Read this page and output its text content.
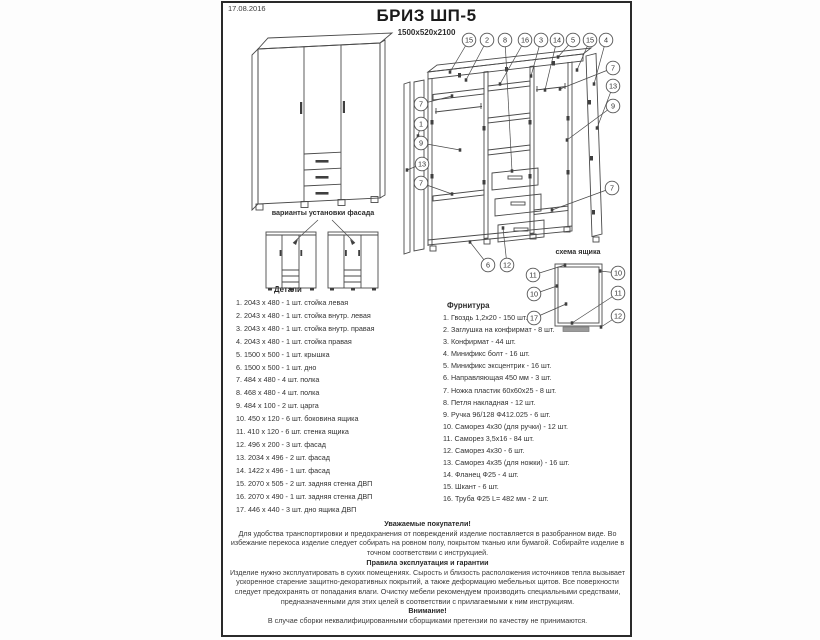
17.08.2016	БРИЗ ШП-5
1500x520x2100
варианты установки фасада
15 2 8 16 3 14 5 15 4
7
1
9
13
7
7
13
9
7
6 12
Детали
1. 2043 x 480 - 1 шт. стойка левая
2. 2043 x 480 - 1 шт. стойка внутр. левая
3. 2043 x 480 - 1 шт. стойка внутр. правая
4. 2043 x 480 - 1 шт. стойка правая
5. 1500 x 500 - 1 шт. крышка
6. 1500 x 500 - 1 шт. дно
7. 484 x 480 - 4 шт. полка
8. 468 x 480 - 4 шт. полка
9. 484 x 100 - 2 шт. царга
10. 450 x 120 - 6 шт. боковина ящика
11. 410 x 120 - 6 шт. стенка ящика
12. 496 x 200 - 3 шт. фасад
13. 2034 x 496 - 2 шт. фасад
14. 1422 x 496 - 1 шт. фасад
15. 2070 x 505 - 2 шт. задняя стенка ДВП
16. 2070 x 490 - 1 шт. задняя стенка ДВП
17. 446 x 440 - 3 шт. дно ящика ДВП
Фурнитура
1. Гвоздь 1,2x20 - 150 шт.
2. Заглушка на конфирмат - 8 шт.
3. Конфирмат - 44 шт.
4. Минификс болт - 16 шт.
5. Минификс эксцентрик - 16 шт.
6. Направляющая 450 мм - 3 шт.
7. Ножка пластик 60x60x25 - 8 шт.
8. Петля накладная - 12 шт.
9. Ручка 96/128 Ф412.025 - 6 шт.
10. Саморез 4x30 (для ручки) - 12 шт.
11. Саморез 3,5x16 - 84 шт.
12. Саморез 4x30 - 6 шт.
13. Саморез 4x35 (для ножки) - 16 шт.
14. Фланец Ф25 - 4 шт.
15. Шкант - 6 шт.
16. Труба Ф25 L= 482 мм - 2 шт.
схема ящика
11	10
10	11
17	12
Уважаемые покупатели!
Для удобства транспортировки и предохранения от повреждений изделие поставляется в разобранном виде. Во избежание перекоса изделие следует собирать на ровном полу, покрытом тканью или бумагой. Собирайте изделие в точном соответствии с инструкцией.
Правила эксплуатация и гарантии
Изделие нужно эксплуатировать в сухих помещениях. Сырость и близость расположения источников тепла вызывает ускоренное старение защитно-декоративных покрытий, а также деформацию мебельных щитов. Все поверхности следует предохранять от попадания влаги. Очистку мебели рекомендуем производить специальными средствами, предназначенными для этих целей в соответствии с прилагаемыми к ним инструкциям.
Внимание!
В случае сборки неквалифицированными сборщиками претензии по качеству не принимаются.
